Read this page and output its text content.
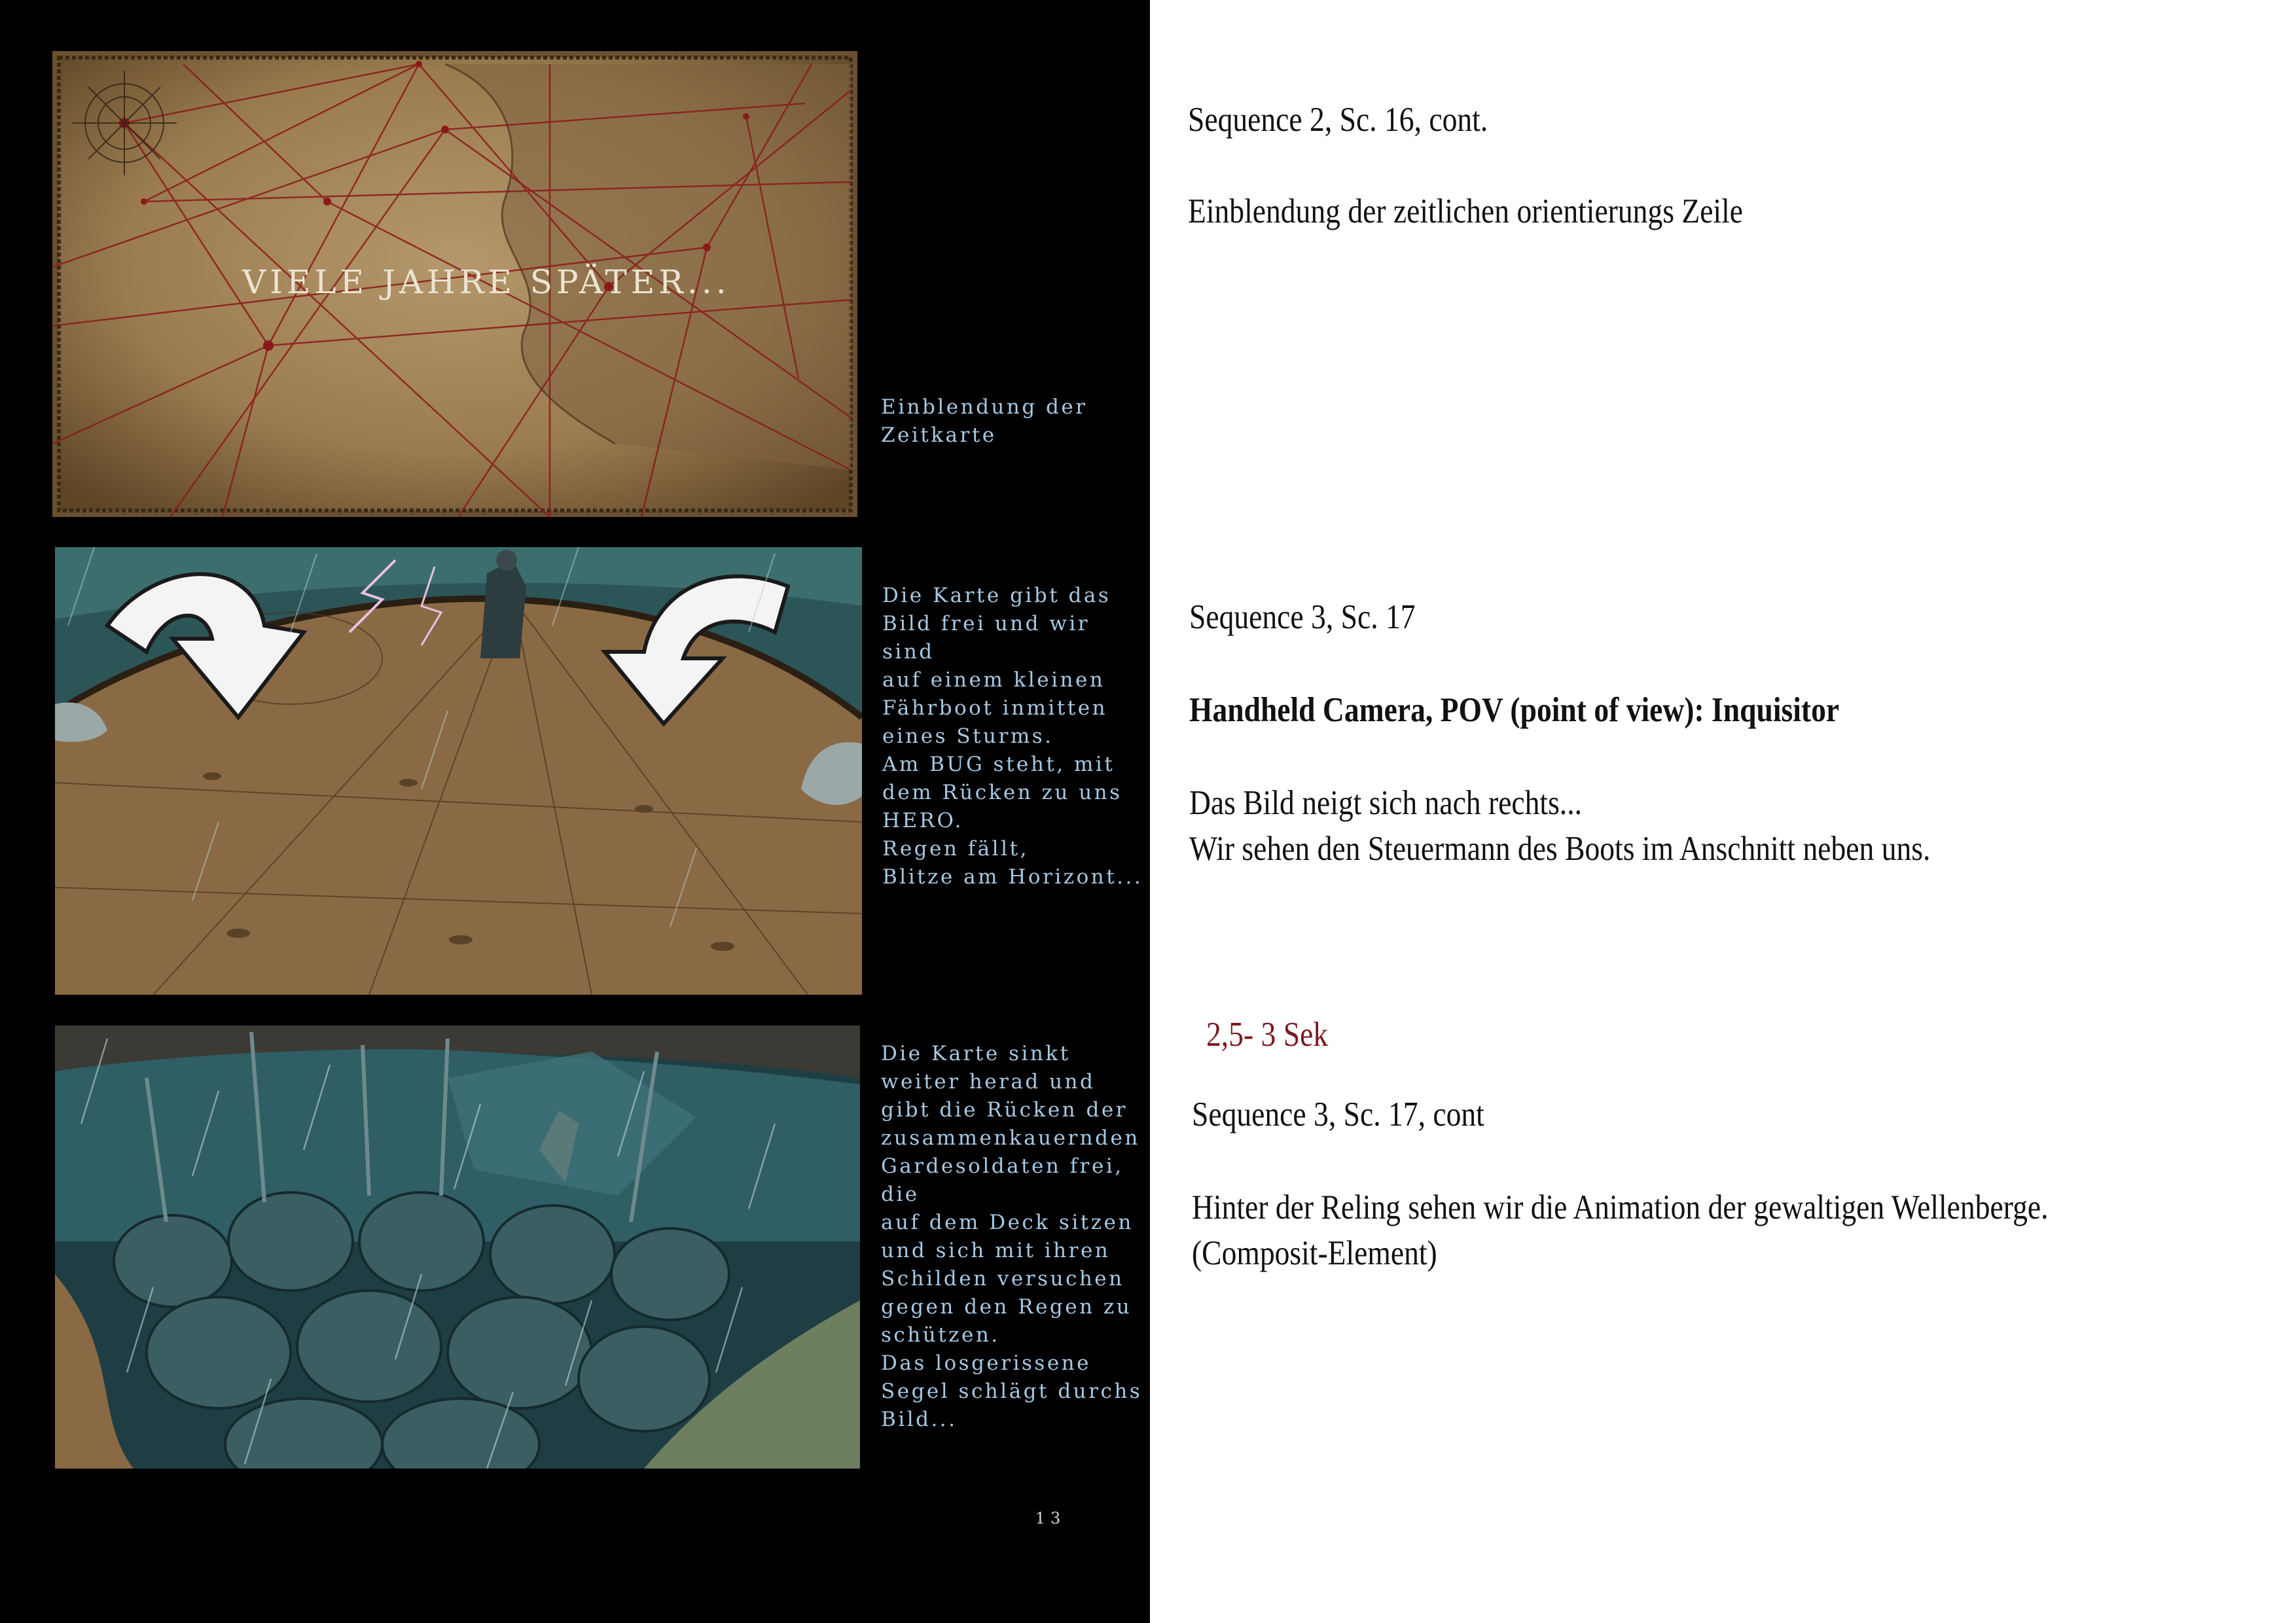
VIELE JAHRE SPÄTER...
Einblendung der
Zeitkarte
Die Karte gibt das
Bild frei und wir sind
auf einem kleinen
Fährboot inmitten
eines Sturms.
Am BUG steht, mit
dem Rücken zu uns
HERO.
Regen fällt,
Blitze am Horizont...
Die Karte sinkt
weiter herad und
gibt die Rücken der
zusammenkauernden
Gardesoldaten frei, die
auf dem Deck sitzen
und sich mit ihren
Schilden versuchen
gegen den Regen zu
schützen.
Das losgerissene
Segel schlägt durchs
Bild...
13
Sequence 2, Sc. 16, cont.
Einblendung der zeitlichen orientierungs Zeile
Sequence 3, Sc. 17
Handheld Camera, POV (point of view): Inquisitor
Das Bild neigt sich nach rechts...
Wir sehen den Steuermann des Boots im Anschnitt neben uns.
2,5- 3 Sek
Sequence 3, Sc. 17, cont
Hinter der Reling sehen wir die Animation der gewaltigen Wellenberge.
(Composit-Element)
